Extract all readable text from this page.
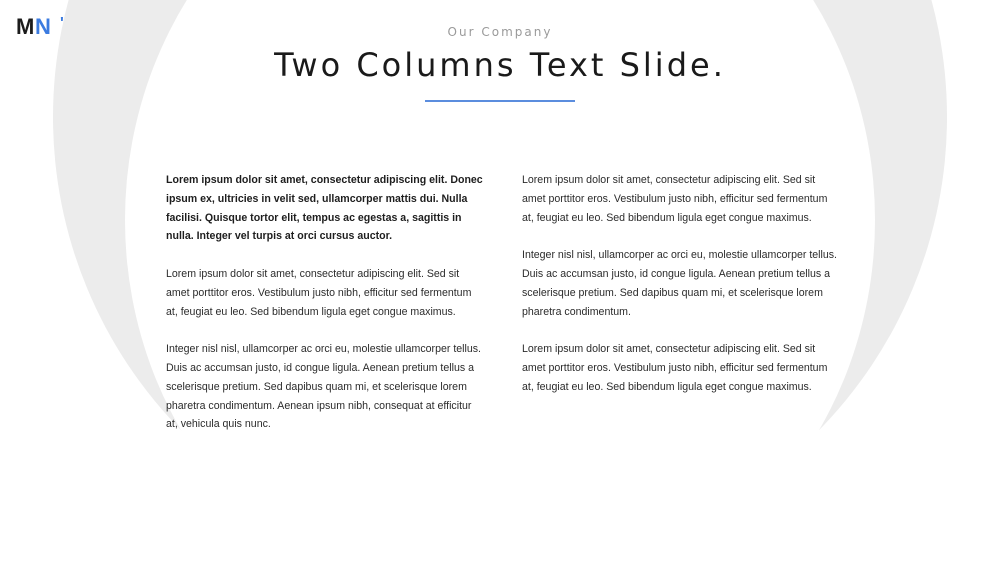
M N '	Our Company
Two Columns Text Slide.

Lorem ipsum dolor sit amet, consectetur adipiscing elit. Donec ipsum ex, ultricies in velit sed, ullamcorper mattis dui. Nulla facilisi. Quisque tortor elit, tempus ac egestas a, sagittis in nulla. Integer vel turpis at orci cursus auctor.

Lorem ipsum dolor sit amet, consectetur adipiscing elit. Sed sit amet porttitor eros. Vestibulum justo nibh, efficitur sed fermentum at, feugiat eu leo. Sed bibendum ligula eget congue maximus.

Integer nisl nisl, ullamcorper ac orci eu, molestie ullamcorper tellus. Duis ac accumsan justo, id congue ligula. Aenean pretium tellus a scelerisque pretium. Sed dapibus quam mi, et scelerisque lorem pharetra condimentum. Aenean ipsum nibh, consequat at efficitur at, vehicula quis nunc.

Lorem ipsum dolor sit amet, consectetur adipiscing elit. Sed sit amet porttitor eros. Vestibulum justo nibh, efficitur sed fermentum at, feugiat eu leo. Sed bibendum ligula eget congue maximus.

Integer nisl nisl, ullamcorper ac orci eu, molestie ullamcorper tellus. Duis ac accumsan justo, id congue ligula. Aenean pretium tellus a scelerisque pretium. Sed dapibus quam mi, et scelerisque lorem pharetra condimentum.

Lorem ipsum dolor sit amet, consectetur adipiscing elit. Sed sit amet porttitor eros. Vestibulum justo nibh, efficitur sed fermentum at, feugiat eu leo. Sed bibendum ligula eget congue maximus.
